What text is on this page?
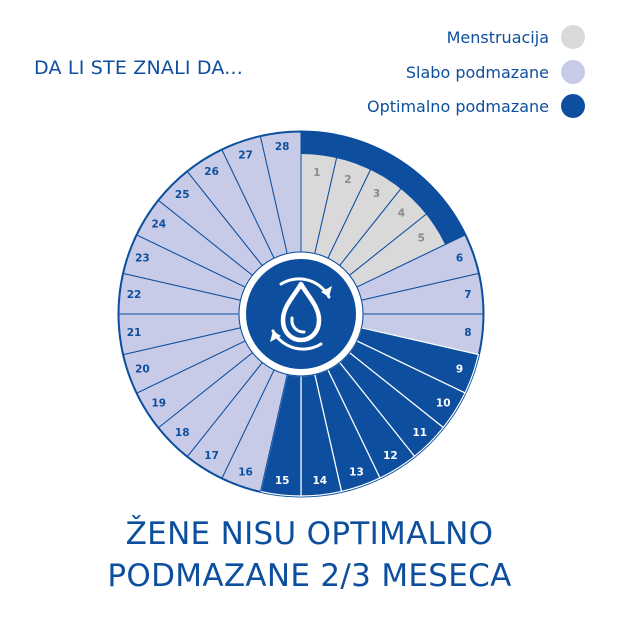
DA LI STE ZNALI DA...
Menstruacija
Slabo podmazane
Optimalno podmazane
1
2
3
4
5
6
7
8
9
10
11
12
13
14
15
16
17
18
19
20
21
22
23
24
25
26
27
28
ŽENE NISU OPTIMALNO
PODMAZANE 2/3 MESECA
